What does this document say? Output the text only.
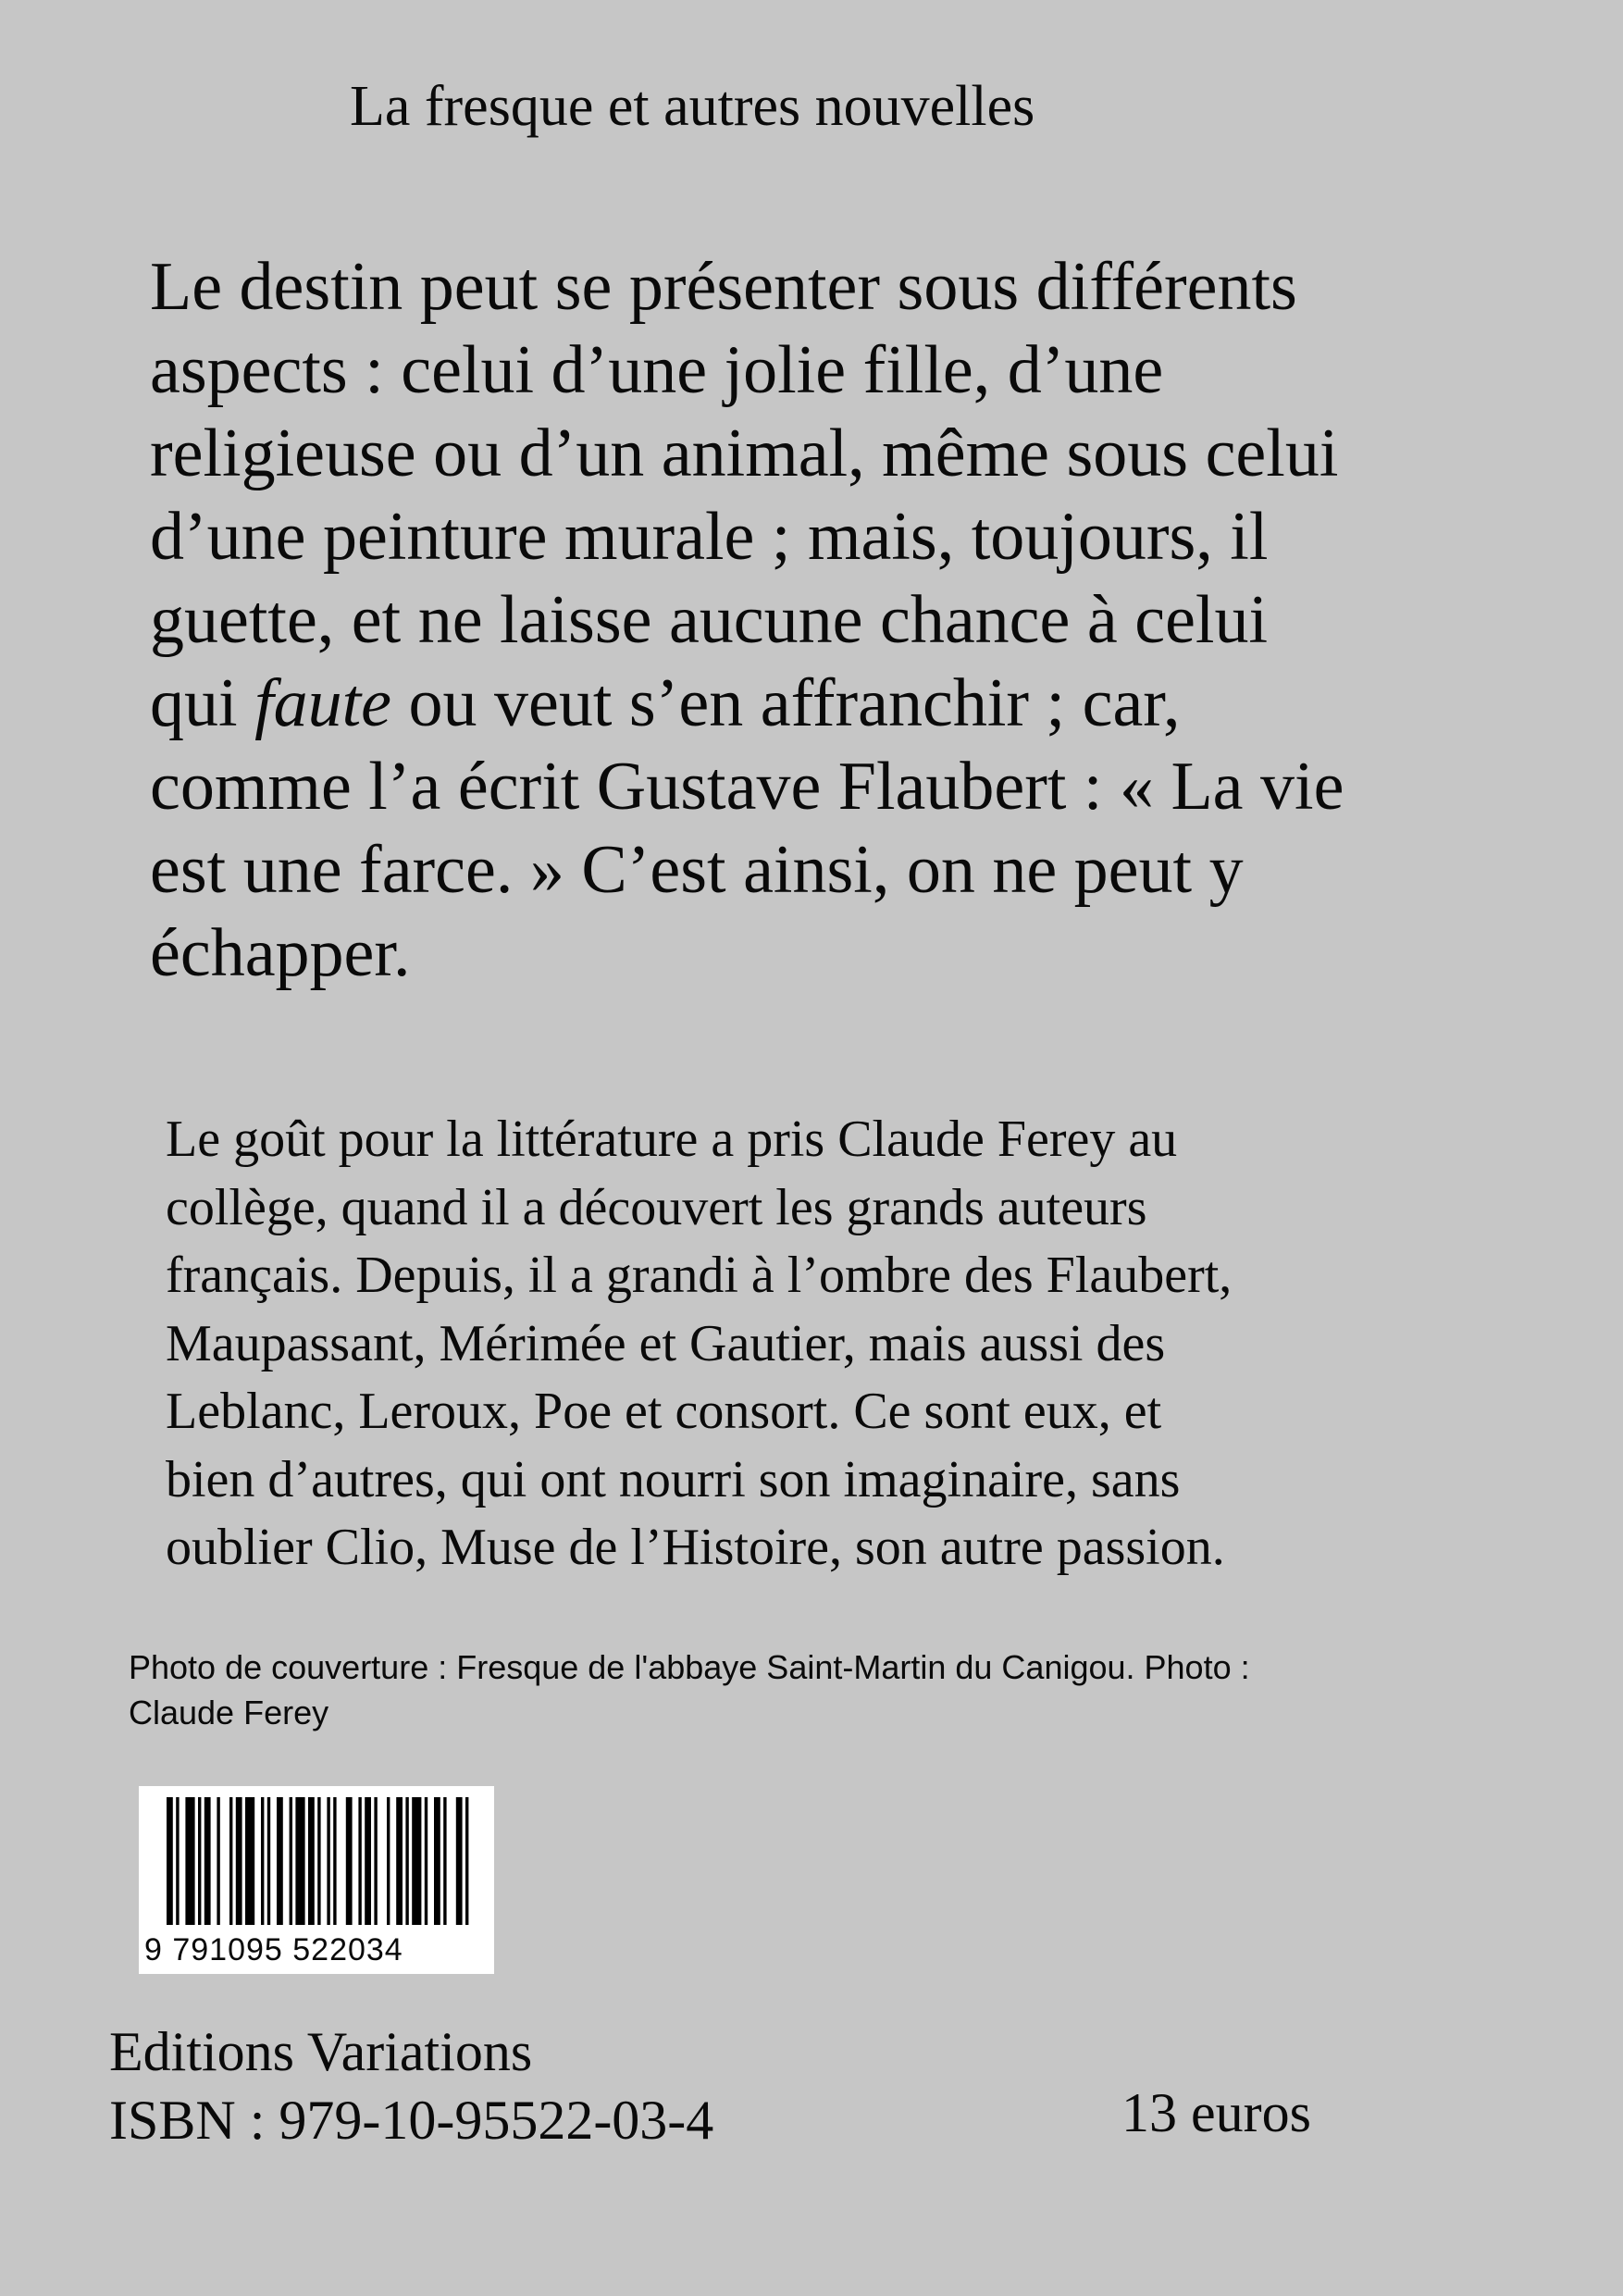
La fresque et autres nouvelles
Le destin peut se présenter sous différents
aspects : celui d’une jolie fille, d’une
religieuse ou d’un animal, même sous celui
d’une peinture murale ; mais, toujours, il
guette, et ne laisse aucune chance à celui
qui faute ou veut s’en affranchir ; car,
comme l’a écrit Gustave Flaubert : « La vie
est une farce. » C’est ainsi, on ne peut y
échapper.
Le goût pour la littérature a pris Claude Ferey au
collège, quand il a découvert les grands auteurs
français. Depuis, il a grandi à l’ombre des Flaubert,
Maupassant, Mérimée et Gautier, mais aussi des
Leblanc, Leroux, Poe et consort. Ce sont eux, et
bien d’autres, qui ont nourri son imaginaire, sans
oublier Clio, Muse de l’Histoire, son autre passion.
Photo de couverture : Fresque de l'abbaye Saint-Martin du Canigou. Photo :
Claude Ferey
9 791095 522034
Editions Variations
ISBN : 979-10-95522-03-4	13 euros
